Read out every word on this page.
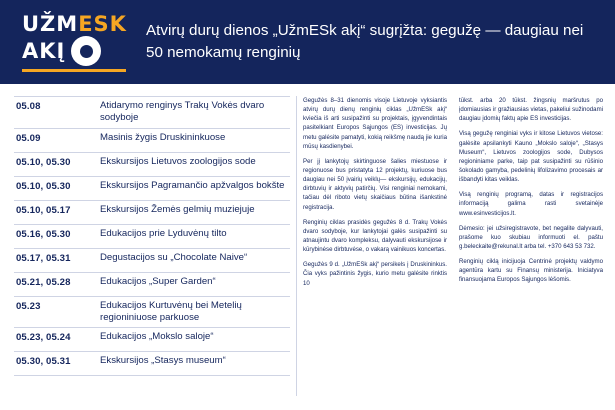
UŽMESK
AKĮ
Atvirų durų dienos „UžmESk akį“ sugrįžta: gegužę — daugiau nei 50 nemokamų renginių
05.08	Atidarymo renginys Trakų Vokės dvaro sodyboje
05.09	Masinis žygis Druskininkuose
05.10, 05.30	Ekskursijos Lietuvos zoologijos sode
05.10, 05.30	Ekskursijos Pagramančio apžvalgos bokšte
05.10, 05.17	Ekskursijos Žemės gelmių muziejuje
05.16, 05.30	Edukacijos prie Lyduvėnų tilto
05.17, 05.31	Degustacijos su „Chocolate Naive“
05.21, 05.28	Edukacijos „Super Garden“
05.23	Edukacijos Kurtuvėnų bei Metelių regioniniuose parkuose
05.23, 05.24	Edukacijos „Mokslo saloje“
05.30, 05.31	Ekskursijos „Stasys museum“

Gegužės 8–31 dienomis visoje Lietuvoje vyksiantis atvirų durų dienų renginių ciklas „UžmESk akį“ kviečia iš arti susipažinti su projektais, įgyvendintais pasitelkiant Europos Sąjungos (ES) investicijas. Jų metu galėsite pamatyti, kokią reikšmę naudą jie kuria mūsų kasdienybei.

Per jį lankytojų skirtinguose šalies miestuose ir regionuose bus pristatyta 12 projektų, kuriuose bus daugiau nei 50 įvairių veiklų— ekskursijų, edukacijų, dirbtuvių ir aktyvių patirčių. Visi renginiai nemokami, tačiau dėl riboto vietų skaičiaus būtina išankstinė registracija.

Renginių ciklas prasidės gegužės 8 d. Trakų Vokės dvaro sodyboje, kur lankytojai galės susipažinti su atnaujintu dvaro kompleksu, dalyvauti ekskursijose ir kūrybinėse dirbtuvėse, o vakarą vainikuos koncertas.

Gegužės 9 d. „UžmESk akį“ persikels į Druskininkus. Čia vyks pažintinis žygis, kurio metu galėsite rinktis 10

tūkst. arba 20 tūkst. žingsnių maršrutus po įdomiausias ir gražiausias vietas, pakeliui sužinodami daugiau įdomių faktų apie ES investicijas.

Visą gegužę renginiai vyks ir kitose Lietuvos vietose: galėsite apsilankyti Kauno „Mokslo saloje“, „Stasys Museum“, Lietuvos zoologijos sode, Dubysos regioniniame parke, taip pat susipažinti su rūšinio šokolado gamyba, pedelinių lifolizavimo procesais ar išbandyti kitas veiklas.

Visą renginių programą, datas ir registracijos informaciją galima rasti svetainėje www.esinvesticijos.lt.

Dėmesio: jei užsiregistravote, bet negalite dalyvauti, prašome kuo skubiau informuoti el. paštu g.beleckaite@rekunal.lt arba tel. +370 643 53 732.

Renginių ciklą inicijuoja Centrinė projektų valdymo agentūra kartu su Finansų ministerija. Iniciatyva finansuojama Europos Sąjungos lėšomis.
